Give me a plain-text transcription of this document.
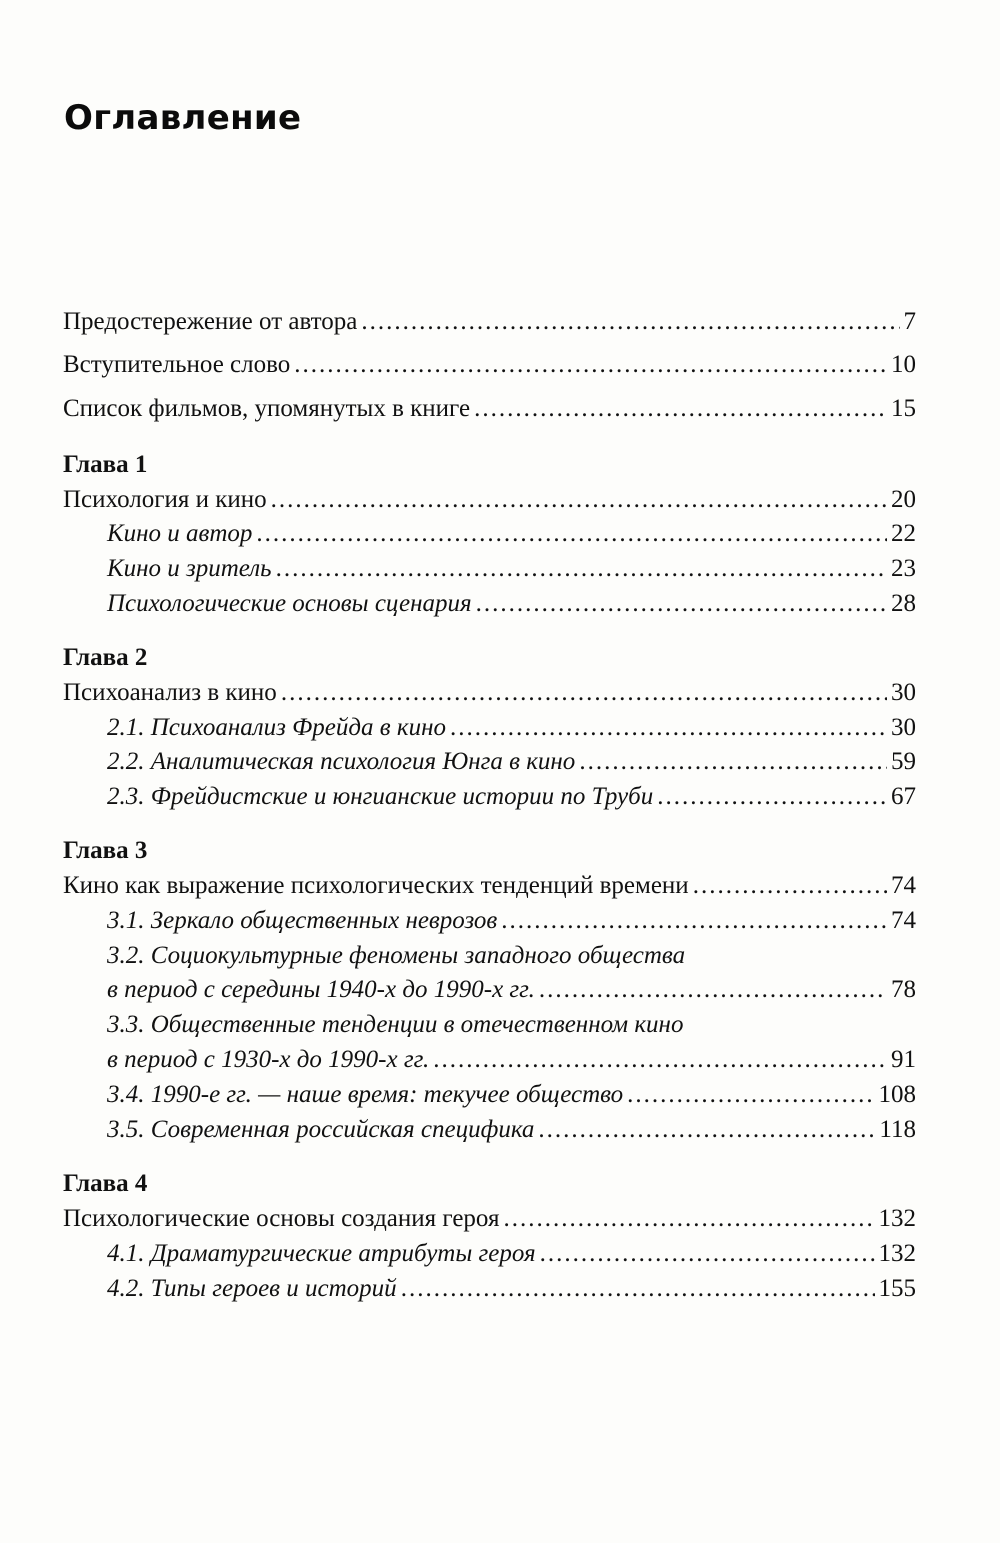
Оглавление
Предостережение от автора .....	7
Вступительное слово .....	10
Список фильмов, упомянутых в книге .....	15
Глава 1
Психология и кино .....	20
Кино и автор .....	22
Кино и зритель .....	23
Психологические основы сценария .....	28
Глава 2
Психоанализ в кино .....	30
2.1. Психоанализ Фрейда в кино .....	30
2.2. Аналитическая психология Юнга в кино .....	59
2.3. Фрейдистские и юнгианские истории по Труби .....	67
Глава 3
Кино как выражение психологических тенденций времени .....	74
3.1. Зеркало общественных неврозов .....	74
3.2. Социокультурные феномены западного общества
в период с середины 1940-х до 1990-х гг. .....	78
3.3. Общественные тенденции в отечественном кино
в период с 1930-х до 1990-х гг. .....	91
3.4. 1990-е гг. — наше время: текучее общество .....	108
3.5. Современная российская специфика .....	118
Глава 4
Психологические основы создания героя .....	132
4.1. Драматургические атрибуты героя .....	132
4.2. Типы героев и историй .....	155
